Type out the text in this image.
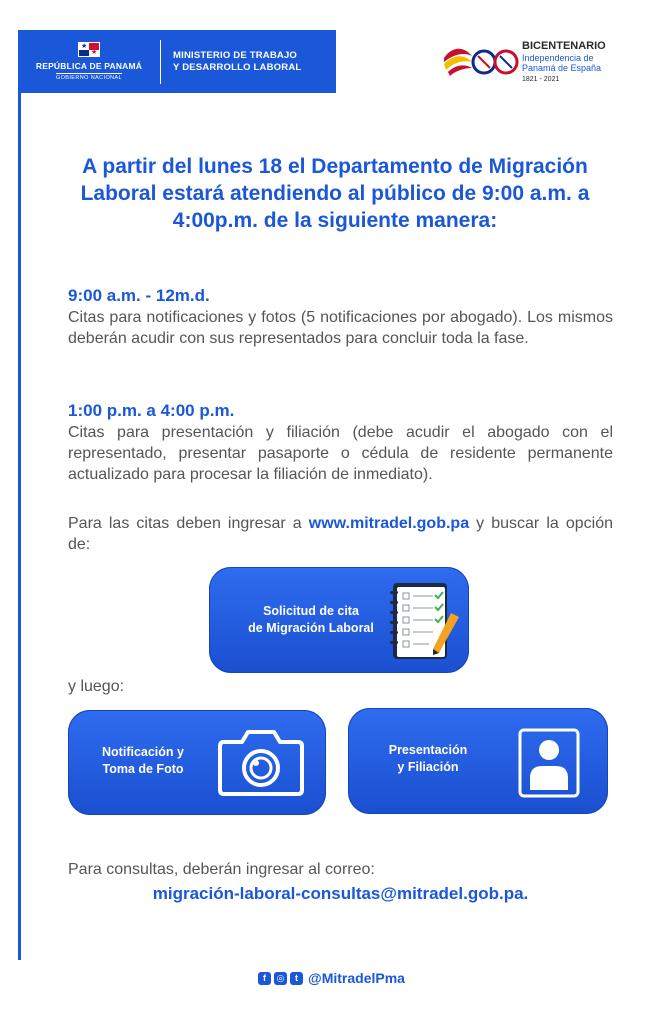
★
★
REPÚBLICA DE PANAMÁ
GOBIERNO NACIONAL
MINISTERIO DE TRABAJO
Y DESARROLLO LABORAL
BICENTENARIO
Independencia de
Panamá de España
1821 - 2021
A partir del lunes 18 el Departamento de Migración Laboral estará atendiendo al público de 9:00 a.m. a 4:00p.m. de la siguiente manera:
9:00 a.m. - 12m.d.
Citas para notificaciones y fotos (5 notificaciones por abogado). Los mismos deberán acudir con sus representados para concluir toda la fase.
1:00 p.m. a 4:00 p.m.
Citas para presentación y filiación (debe acudir el abogado con el representado, presentar pasaporte o cédula de residente permanente actualizado para procesar la filiación de inmediato).
Para las citas deben ingresar a www.mitradel.gob.pa y buscar la opción de:
Solicitud de cita
de Migración Laboral
y luego:
Notificación y
Toma de Foto
Presentación
y Filiación
Para consultas, deberán ingresar al correo:
migración-laboral-consultas@mitradel.gob.pa.
f	◎	t @MitradelPma
